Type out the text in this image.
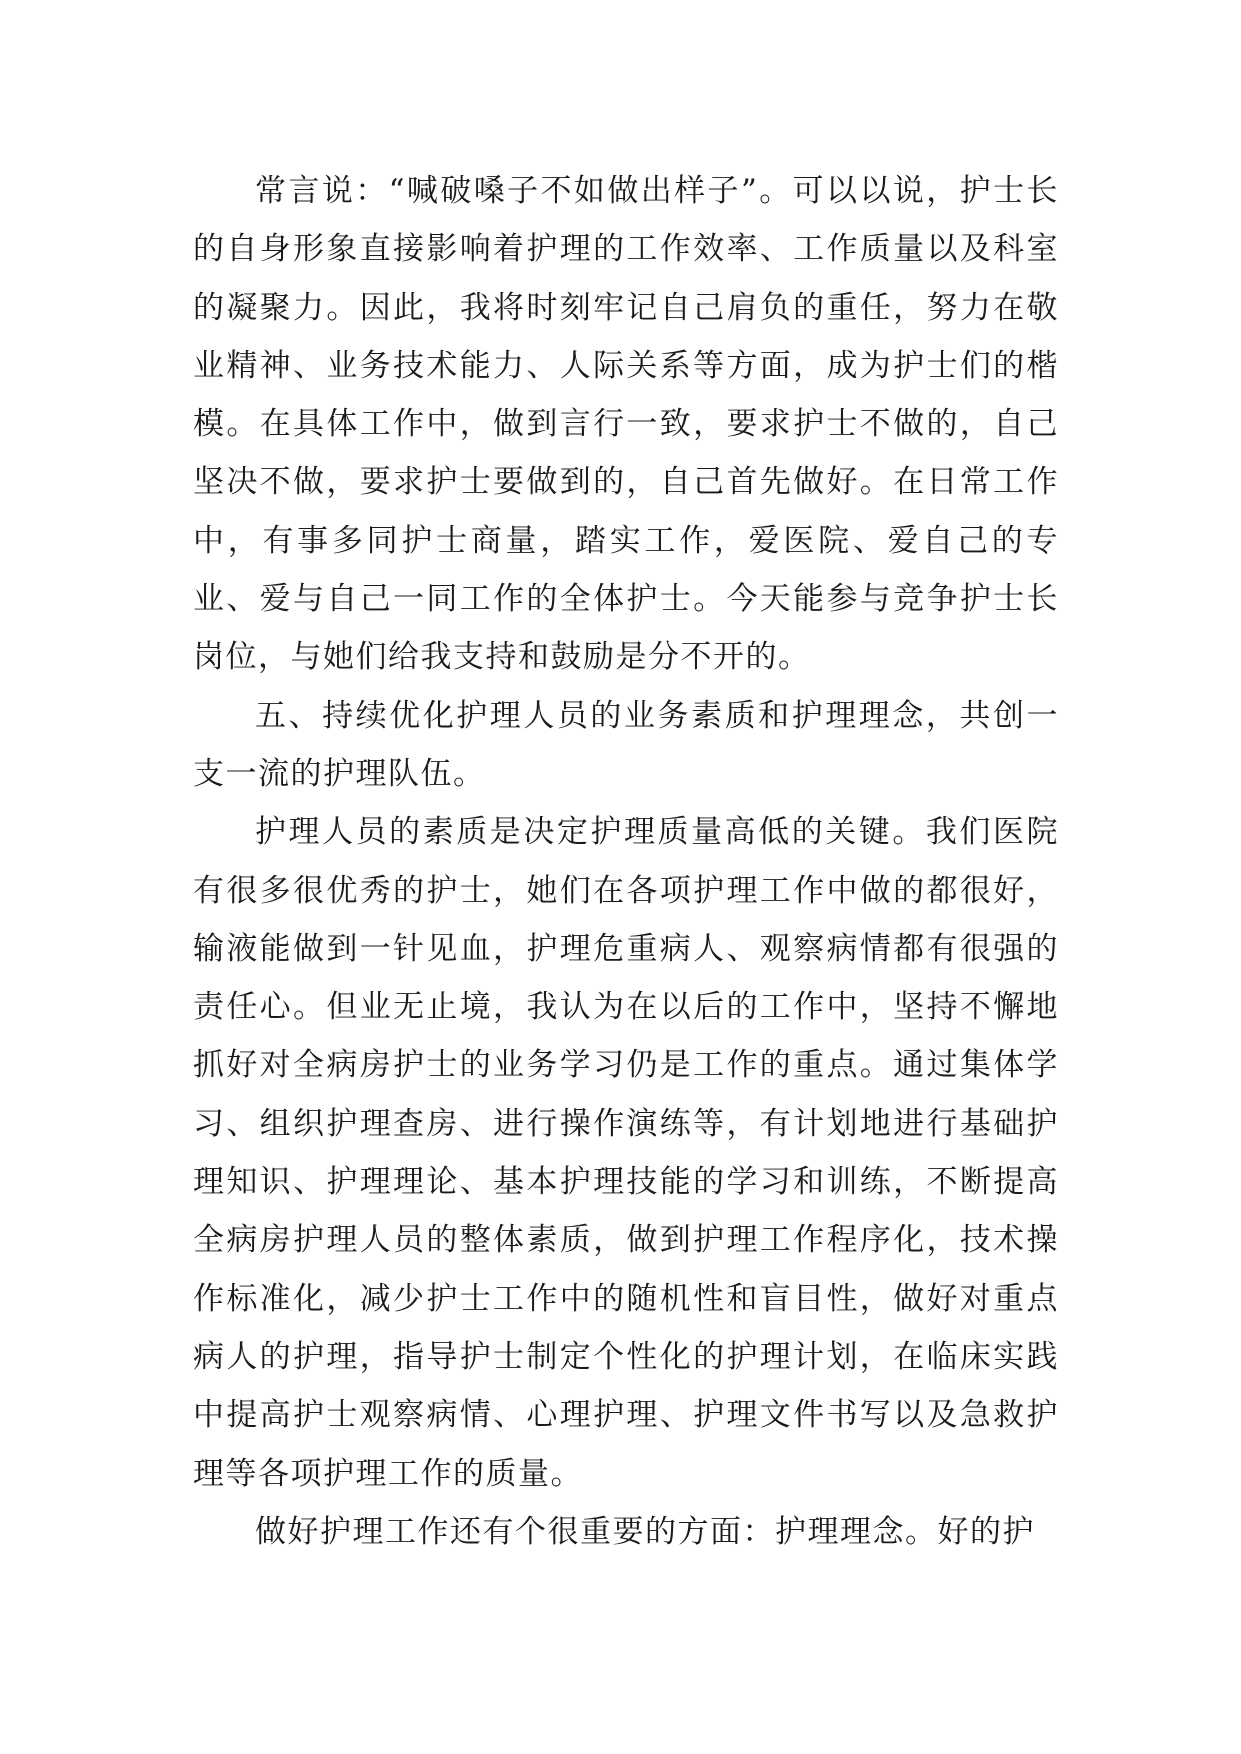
常言说：“喊破嗓子不如做出样子”。可以以说，护士长的自身形象直接影响着护理的工作效率、工作质量以及科室的凝聚力。因此，我将时刻牢记自己肩负的重任，努力在敬业精神、业务技术能力、人际关系等方面，成为护士们的楷模。在具体工作中，做到言行一致，要求护士不做的，自己坚决不做，要求护士要做到的，自己首先做好。在日常工作中，有事多同护士商量，踏实工作，爱医院、爱自己的专业、爱与自己一同工作的全体护士。今天能参与竞争护士长岗位，与她们给我支持和鼓励是分不开的。

五、持续优化护理人员的业务素质和护理理念，共创一支一流的护理队伍。

护理人员的素质是决定护理质量高低的关键。我们医院有很多很优秀的护士，她们在各项护理工作中做的都很好，输液能做到一针见血，护理危重病人、观察病情都有很强的责任心。但业无止境，我认为在以后的工作中，坚持不懈地抓好对全病房护士的业务学习仍是工作的重点。通过集体学习、组织护理查房、进行操作演练等，有计划地进行基础护理知识、护理理论、基本护理技能的学习和训练，不断提高全病房护理人员的整体素质，做到护理工作程序化，技术操作标准化，减少护士工作中的随机性和盲目性，做好对重点病人的护理，指导护士制定个性化的护理计划，在临床实践中提高护士观察病情、心理护理、护理文件书写以及急救护理等各项护理工作的质量。

做好护理工作还有个很重要的方面：护理理念。好的护
